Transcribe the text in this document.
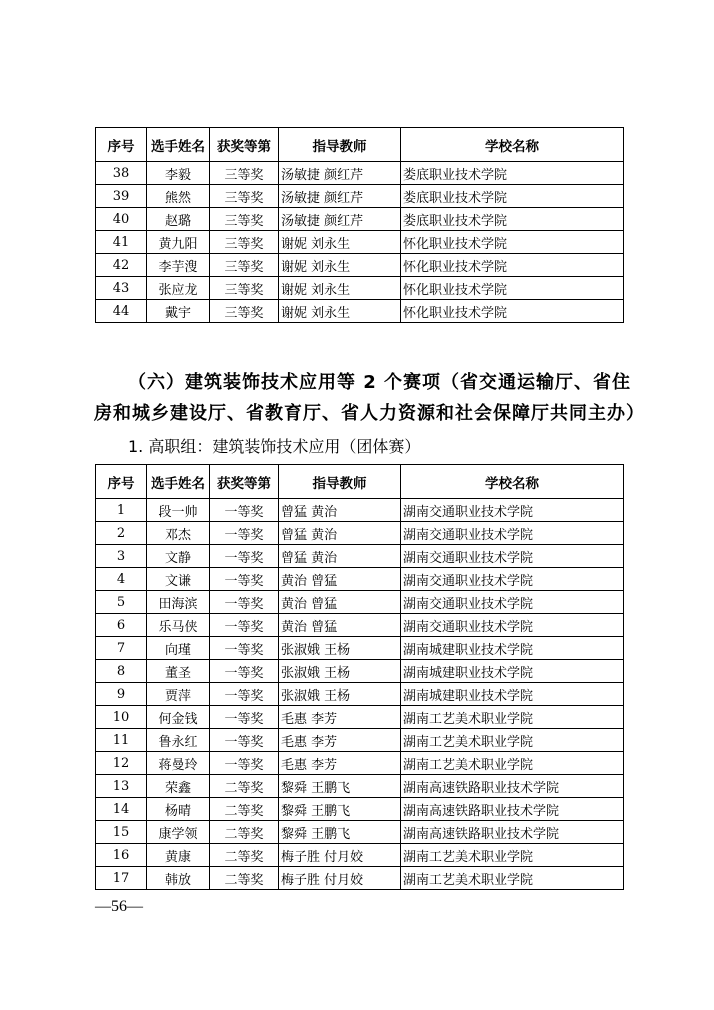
序号	选手姓名	获奖等第	指导教师	学校名称
38	李毅	三等奖	汤敏捷 颜红芹	娄底职业技术学院
39	熊然	三等奖	汤敏捷 颜红芹	娄底职业技术学院
40	赵璐	三等奖	汤敏捷 颜红芹	娄底职业技术学院
41	黄九阳	三等奖	谢妮 刘永生	怀化职业技术学院
42	李芋溲	三等奖	谢妮 刘永生	怀化职业技术学院
43	张应龙	三等奖	谢妮 刘永生	怀化职业技术学院
44	戴宇	三等奖	谢妮 刘永生	怀化职业技术学院
（六）建筑装饰技术应用等 2 个赛项（省交通运输厅、省住
房和城乡建设厅、省教育厅、省人力资源和社会保障厅共同主办）
1. 高职组：建筑装饰技术应用（团体赛）
序号	选手姓名	获奖等第	指导教师	学校名称
1	段一帅	一等奖	曾猛 黄治	湖南交通职业技术学院
2	邓杰	一等奖	曾猛 黄治	湖南交通职业技术学院
3	文静	一等奖	曾猛 黄治	湖南交通职业技术学院
4	文谦	一等奖	黄治 曾猛	湖南交通职业技术学院
5	田海滨	一等奖	黄治 曾猛	湖南交通职业技术学院
6	乐马侠	一等奖	黄治 曾猛	湖南交通职业技术学院
7	向瑾	一等奖	张淑娥 王杨	湖南城建职业技术学院
8	董圣	一等奖	张淑娥 王杨	湖南城建职业技术学院
9	贾萍	一等奖	张淑娥 王杨	湖南城建职业技术学院
10	何金钱	一等奖	毛惠 李芳	湖南工艺美术职业学院
11	鲁永红	一等奖	毛惠 李芳	湖南工艺美术职业学院
12	蒋曼玲	一等奖	毛惠 李芳	湖南工艺美术职业学院
13	荣鑫	二等奖	黎舜 王鹏飞	湖南高速铁路职业技术学院
14	杨晴	二等奖	黎舜 王鹏飞	湖南高速铁路职业技术学院
15	康学领	二等奖	黎舜 王鹏飞	湖南高速铁路职业技术学院
16	黄康	二等奖	梅子胜 付月姣	湖南工艺美术职业学院
17	韩放	二等奖	梅子胜 付月姣	湖南工艺美术职业学院
—56—
